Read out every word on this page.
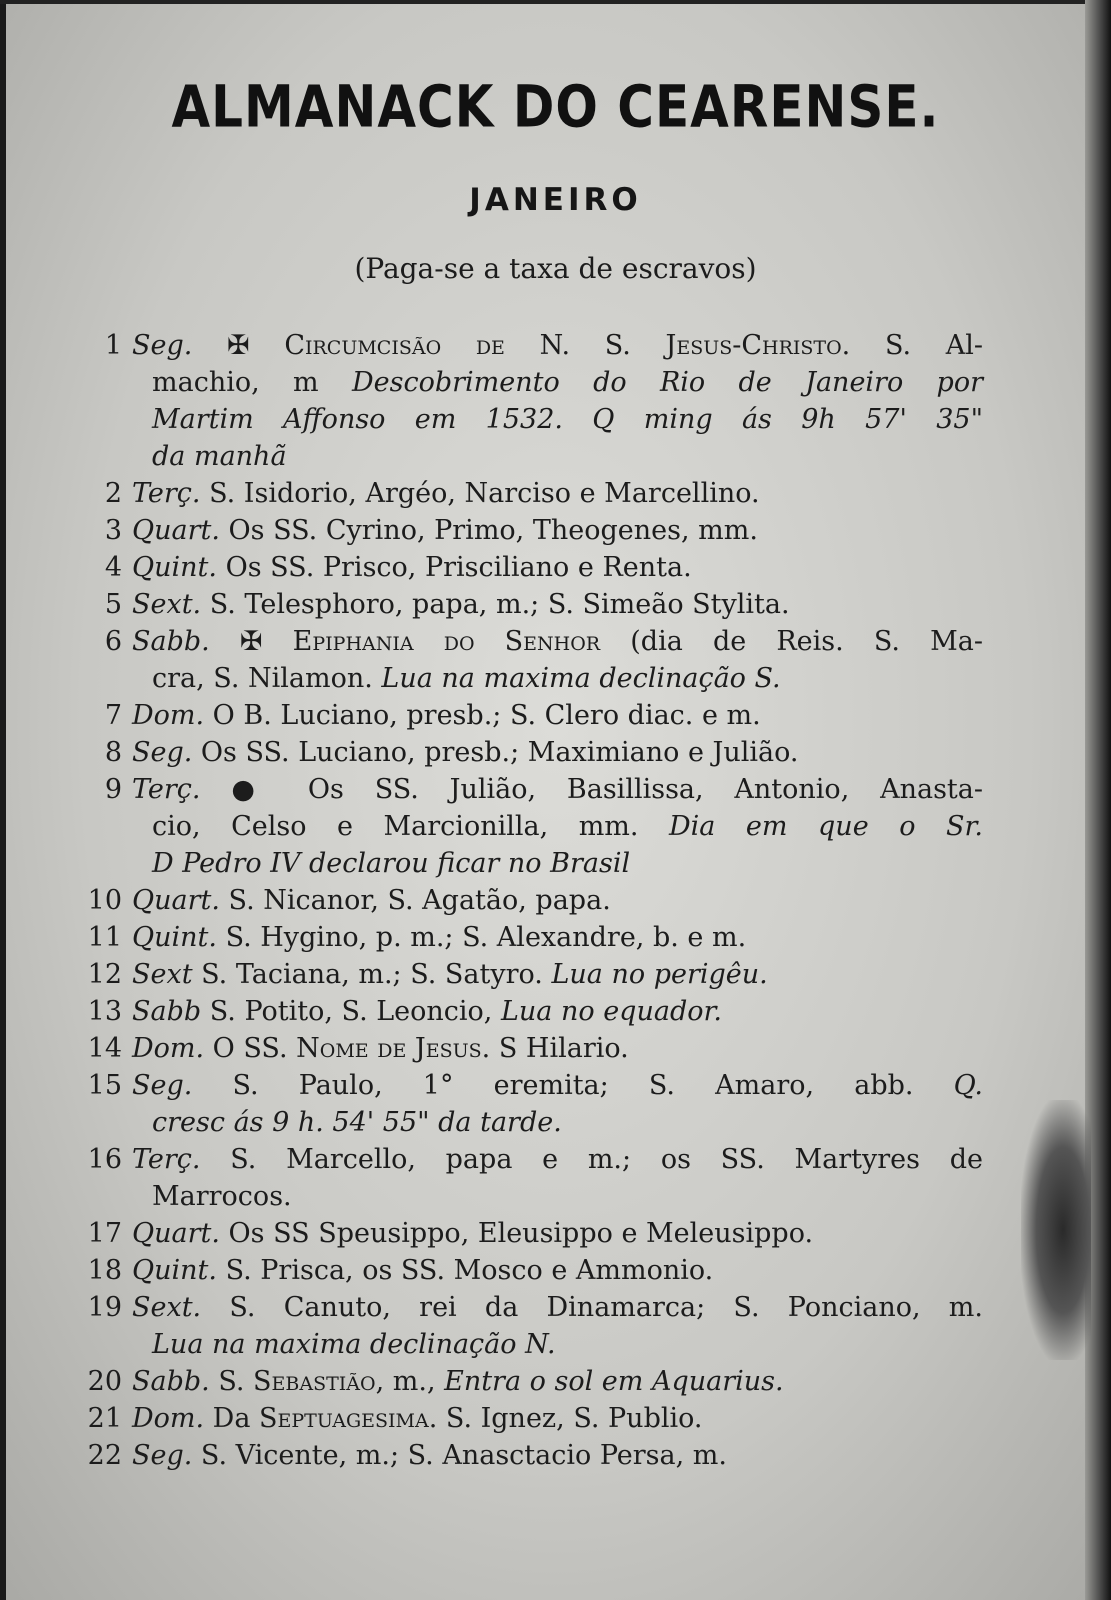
ALMANACK DO CEARENSE.
JANEIRO
(Paga-se a taxa de escravos)
1 Seg. ✠ Circumcisão de N. S. Jesus-Christo. S. Al-
machio, m Descobrimento do Rio de Janeiro por
Martim Affonso em 1532. Q ming ás 9h 57' 35"
da manhã
2 Terç. S. Isidorio, Argéo, Narciso e Marcellino.
3 Quart. Os SS. Cyrino, Primo, Theogenes, mm.
4 Quint. Os SS. Prisco, Prisciliano e Renta.
5 Sext. S. Telesphoro, papa, m.; S. Simeão Stylita.
6 Sabb. ✠ Epiphania do Senhor (dia de Reis. S. Ma-
cra, S. Nilamon. Lua na maxima declinação S.
7 Dom. O B. Luciano, presb.; S. Clero diac. e m.
8 Seg. Os SS. Luciano, presb.; Maximiano e Julião.
9 Terç. ● Os SS. Julião, Basillissa, Antonio, Anasta-
cio, Celso e Marcionilla, mm. Dia em que o Sr.
D Pedro IV declarou ficar no Brasil
10 Quart. S. Nicanor, S. Agatão, papa.
11 Quint. S. Hygino, p. m.; S. Alexandre, b. e m.
12 Sext S. Taciana, m.; S. Satyro. Lua no perigêu.
13 Sabb S. Potito, S. Leoncio, Lua no equador.
14 Dom. O SS. Nome de Jesus. S Hilario.
15 Seg. S. Paulo, 1° eremita; S. Amaro, abb. Q.
cresc ás 9 h. 54' 55" da tarde.
16 Terç. S. Marcello, papa e m.; os SS. Martyres de
Marrocos.
17 Quart. Os SS Speusippo, Eleusippo e Meleusippo.
18 Quint. S. Prisca, os SS. Mosco e Ammonio.
19 Sext. S. Canuto, rei da Dinamarca; S. Ponciano, m.
Lua na maxima declinação N.
20 Sabb. S. Sebastião, m., Entra o sol em Aquarius.
21 Dom. Da Septuagesima. S. Ignez, S. Publio.
22 Seg. S. Vicente, m.; S. Anasctacio Persa, m.
